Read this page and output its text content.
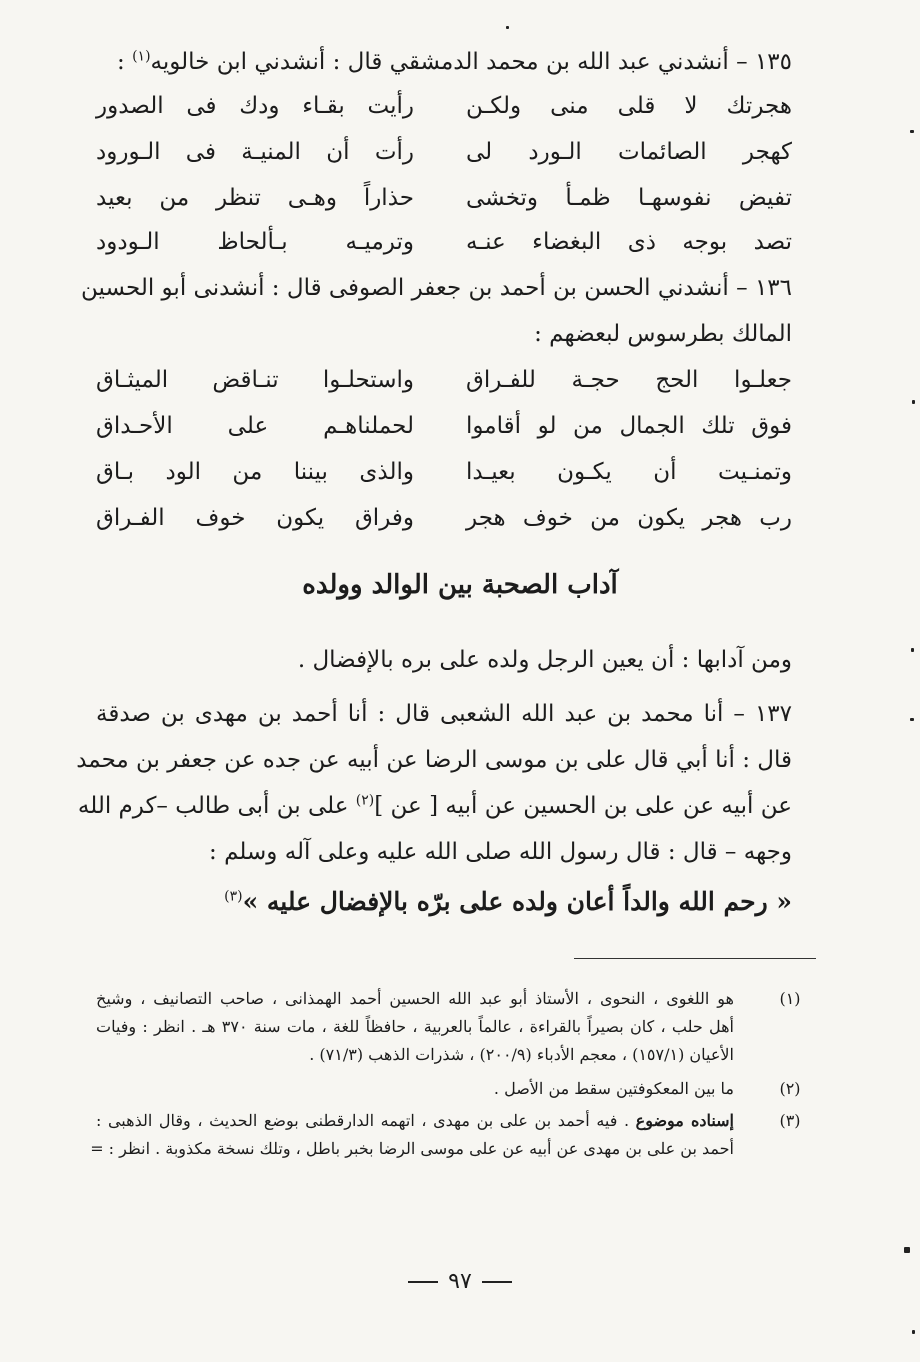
١٣٥ – أنشدني عبد الله بن محمد الدمشقي قال : أنشدني ابن خالويه$^{(١)}$ :
هجرتك لا قلى منى ولكـن
رأيت بقـاء ودك فى الصدور
كهجر الصائمات الـورد لى
رأت أن المنيـة فى الـورود
تفيض نفوسهـا ظمـأ وتخشى
حذاراً وهـى تنظر من بعيد
تصد بوجه ذى البغضاء عنـه
وترميـه بـألحاظ الـودود
١٣٦ – أنشدني الحسن بن أحمد بن جعفر الصوفى قال : أنشدنى أبو الحسين
المالك بطرسوس لبعضهم :
جعلـوا الحج حجـة للفـراق
واستحلـوا تنـاقض الميثـاق
فوق تلك الجمال من لو أقاموا
لحملناهـم على الأحـداق
وتمنـيت أن يكـون بعيـدا
والذى بيننا من الود بـاق
رب هجر يكون من خوف هجر
وفراق يكون خوف الفـراق
آداب الصحبة بين الوالد وولده
ومن آدابها : أن يعين الرجل ولده على بره بالإفضال .
١٣٧ – أنا محمد بن عبد الله الشعبى قال : أنا أحمد بن مهدى بن صدقة
قال : أنا أبي قال على بن موسى الرضا عن أبيه عن جده عن جعفر بن محمد
عن أبيه عن على بن الحسين عن أبيه [ عن ]$^{(٢)}$ على بن أبى طالب –كرم الله
وجهه – قال : قال رسول الله صلى الله عليه وعلى آله وسلم :
« رحم الله والداً أعان ولده على برّه بالإفضال عليه »$^{(٣)}$
(١)
هو اللغوى ، النحوى ، الأستاذ أبو عبد الله الحسين أحمد الهمذانى ، صاحب التصانيف ، وشيخ
أهل حلب ، كان بصيراً بالقراءة ، عالماً بالعربية ، حافظاً للغة ، مات سنة ٣٧٠ هـ . انظر : وفيات
الأعيان (١٥٧/١) ، معجم الأدباء (٢٠٠/٩) ، شذرات الذهب (٧١/٣) .
(٢)
ما بين المعكوفتين سقط من الأصل .
(٣)
إسناده موضوع . فيه أحمد بن على بن مهدى ، اتهمه الدارقطنى بوضع الحديث ، وقال الذهبى :
أحمد بن على بن مهدى عن أبيه عن على موسى الرضا بخبر باطل ، وتلك نسخة مكذوبة . انظر : =
٩٧
